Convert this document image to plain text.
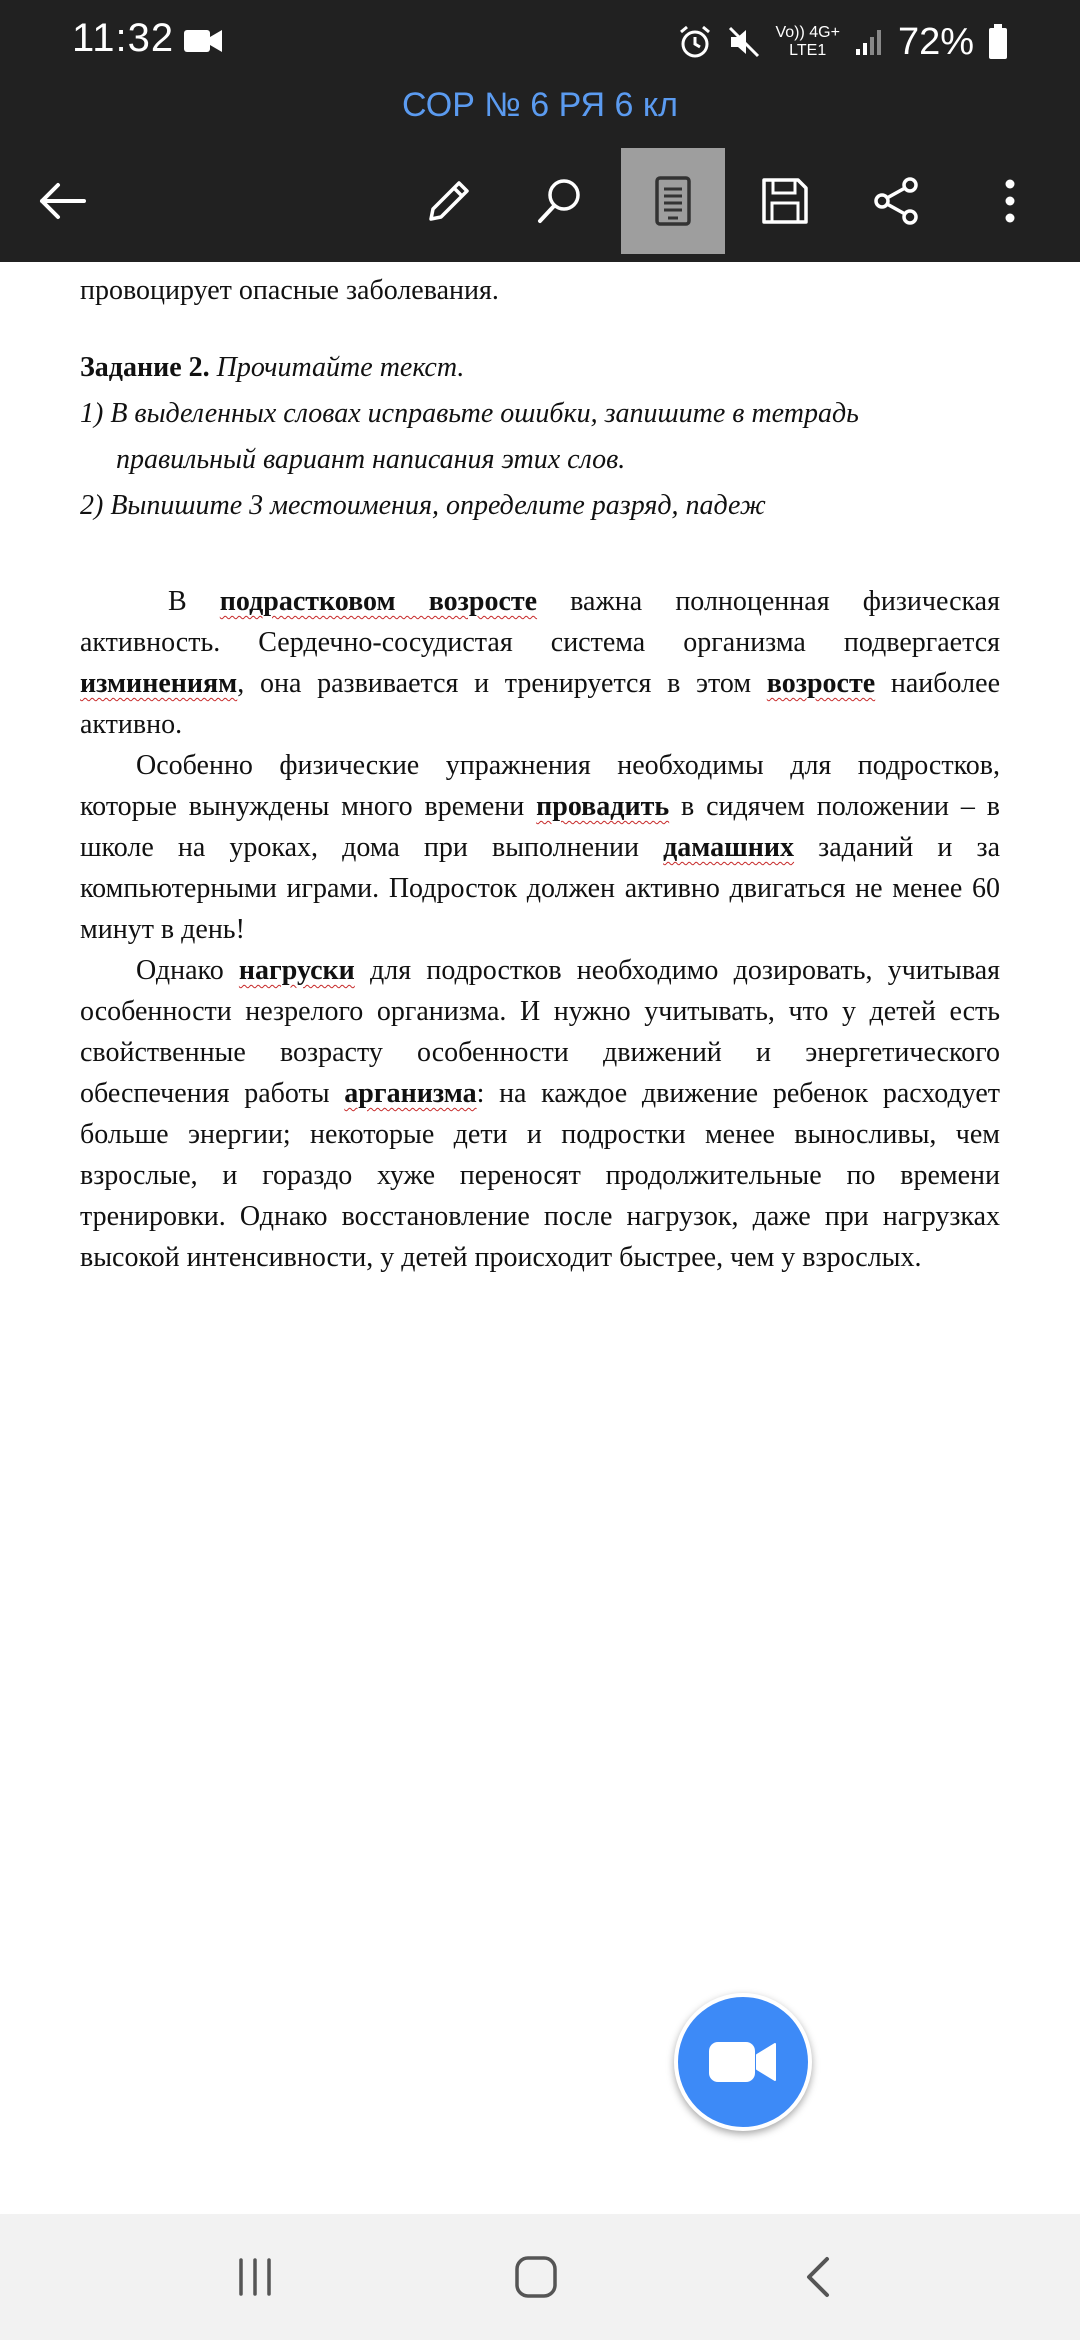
11:32	Vo)) 4G+
LTE1	72%
СОР № 6 РЯ 6 кл

провоцирует опасные заболевания.

Задание 2. Прочитайте текст.

1) В выделенных словах исправьте ошибки, запишите в тетрадь правильный вариант написания этих слов.
2) Выпишите 3 местоимения, определите разряд, падеж

В подрастковом возросте важна полноценная физическая активность. Сердечно-сосудистая система организма подвергается изминениям, она развивается и тренируется в этом возросте наиболее активно.

Особенно физические упражнения необходимы для подростков, которые вынуждены много времени провадить в сидячем положении – в школе на уроках, дома при выполнении дамашних заданий и за компьютерными играми. Подросток должен активно двигаться не менее 60 минут в день!

Однако нагруски для подростков необходимо дозировать, учитывая особенности незрелого организма. И нужно учитывать, что у детей есть свойственные возрасту особенности движений и энергетического обеспечения работы арганизма: на каждое движение ребенок расходует больше энергии; некоторые дети и подростки менее выносливы, чем взрослые, и гораздо хуже переносят продолжительные по времени тренировки. Однако восстановление после нагрузок, даже при нагрузках высокой интенсивности, у детей происходит быстрее, чем у взрослых.
